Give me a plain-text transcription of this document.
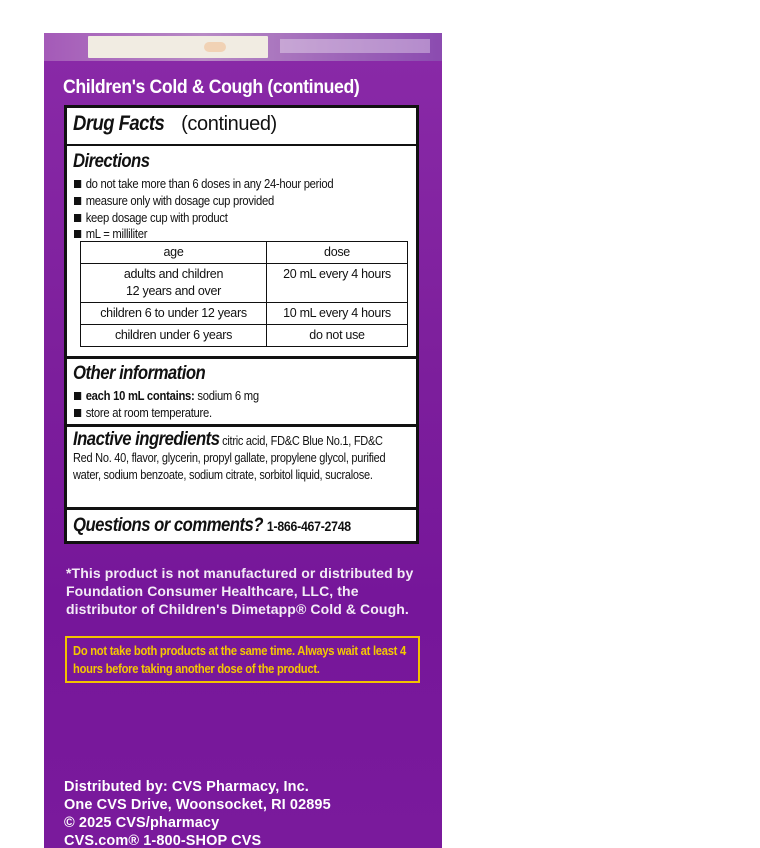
Children's Cold & Cough (continued)
Drug Facts (continued)
Directions
do not take more than 6 doses in any 24-hour period
measure only with dosage cup provided
keep dosage cup with product
mL = milliliter
age	dose

adults and children
12 years and over	20 mL every 4 hours
children 6 to under 12 years	10 mL every 4 hours
children under 6 years	do not use
Other information
each 10 mL contains: sodium 6 mg
store at room temperature.
Inactive ingredients citric acid, FD&C Blue No.1, FD&C Red No. 40, flavor, glycerin, propyl gallate, propylene glycol, purified water, sodium benzoate, sodium citrate, sorbitol liquid, sucralose.
Questions or comments? 1-866-467-2748
*This product is not manufactured or distributed by Foundation Consumer Healthcare, LLC, the distributor of Children's Dimetapp® Cold & Cough.
Do not take both products at the same time. Always wait at least 4 hours before taking another dose of the product.
Distributed by: CVS Pharmacy, Inc.
One CVS Drive, Woonsocket, RI 02895
© 2025 CVS/pharmacy
CVS.com® 1-800-SHOP CVS
